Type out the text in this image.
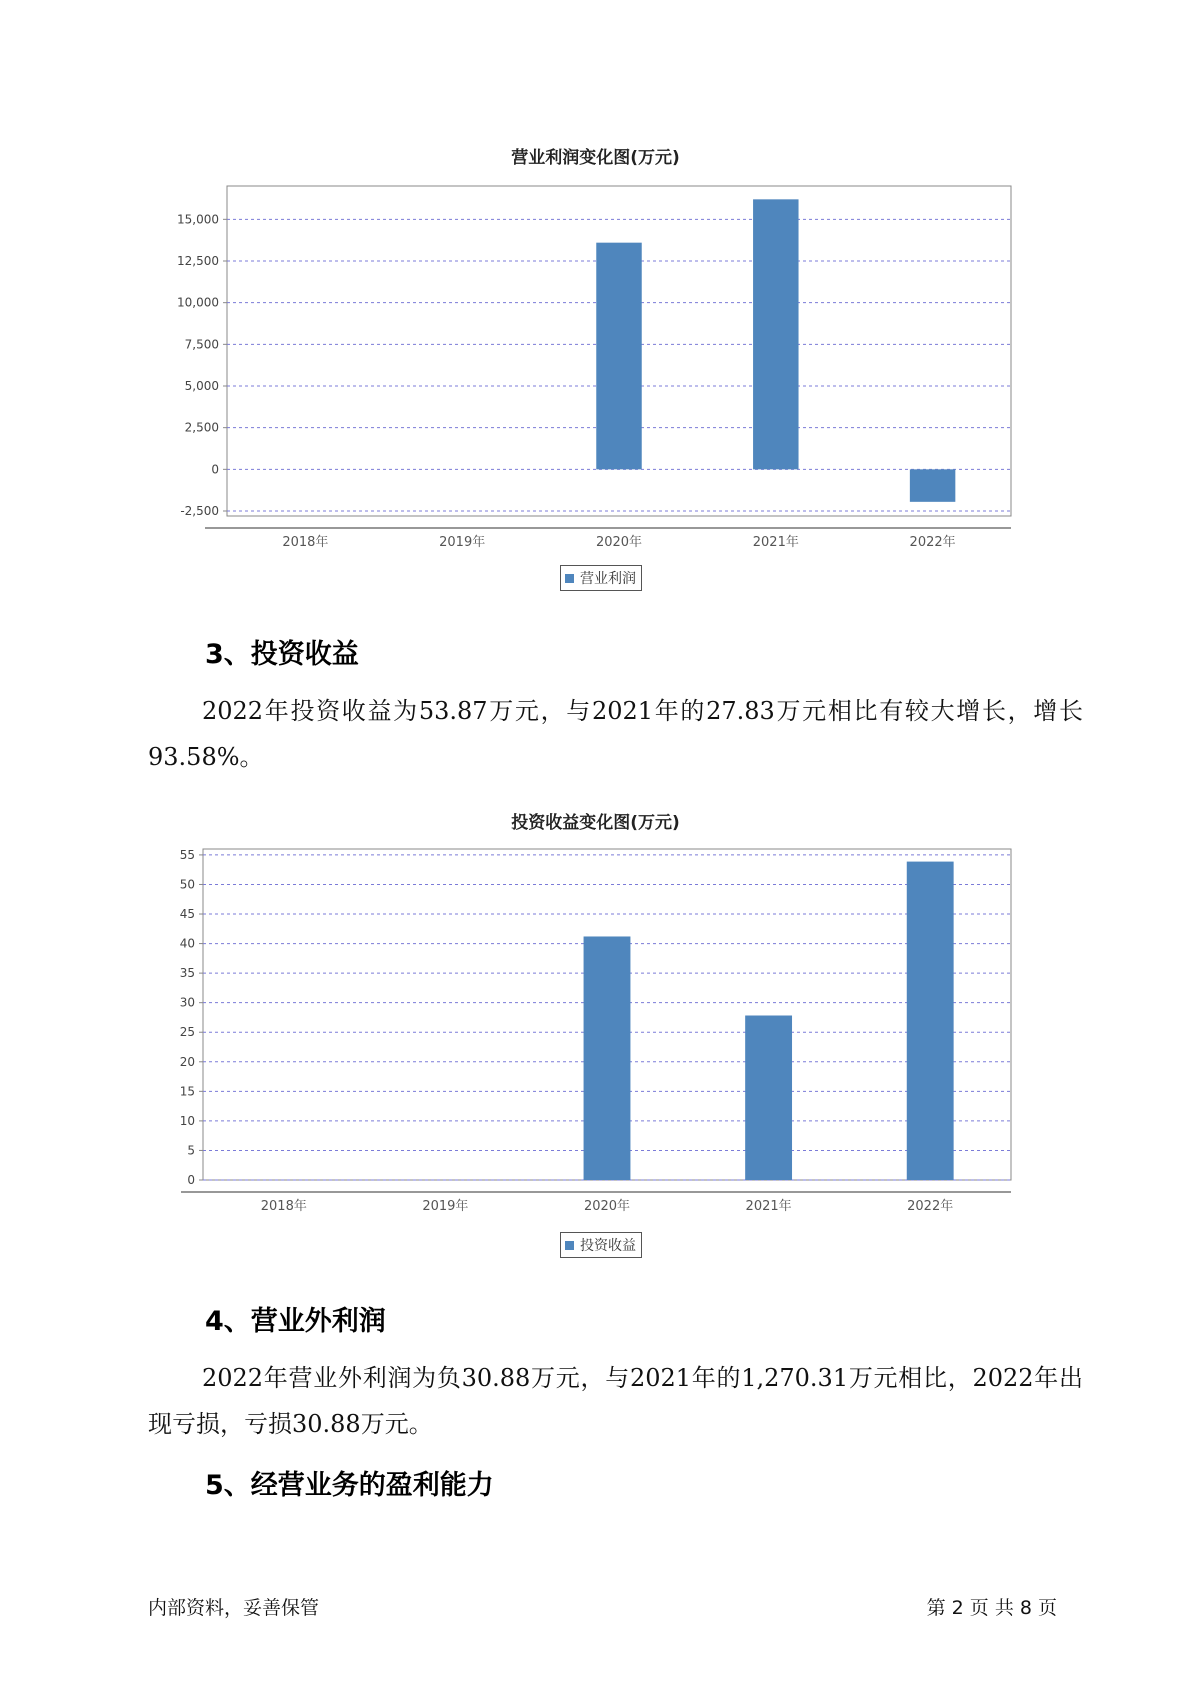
营业利润变化图(万元)
-2,500
0
2,500
5,000
7,500
10,000
12,500
15,000
2018年	2019年	2020年	2021年	2022年
营业利润
3、投资收益

2022年投资收益为53.87万元，与2021年的27.83万元相比有较大增长，增长93.58%。

投资收益变化图(万元)
0
5
10
15
20
25
30
35
40
45
50
55
2018年	2019年	2020年	2021年	2022年
投资收益
4、营业外利润

2022年营业外利润为负30.88万元，与2021年的1,270.31万元相比，2022年出现亏损，亏损30.88万元。

5、经营业务的盈利能力
内部资料，妥善保管	第 2 页 共 8 页
